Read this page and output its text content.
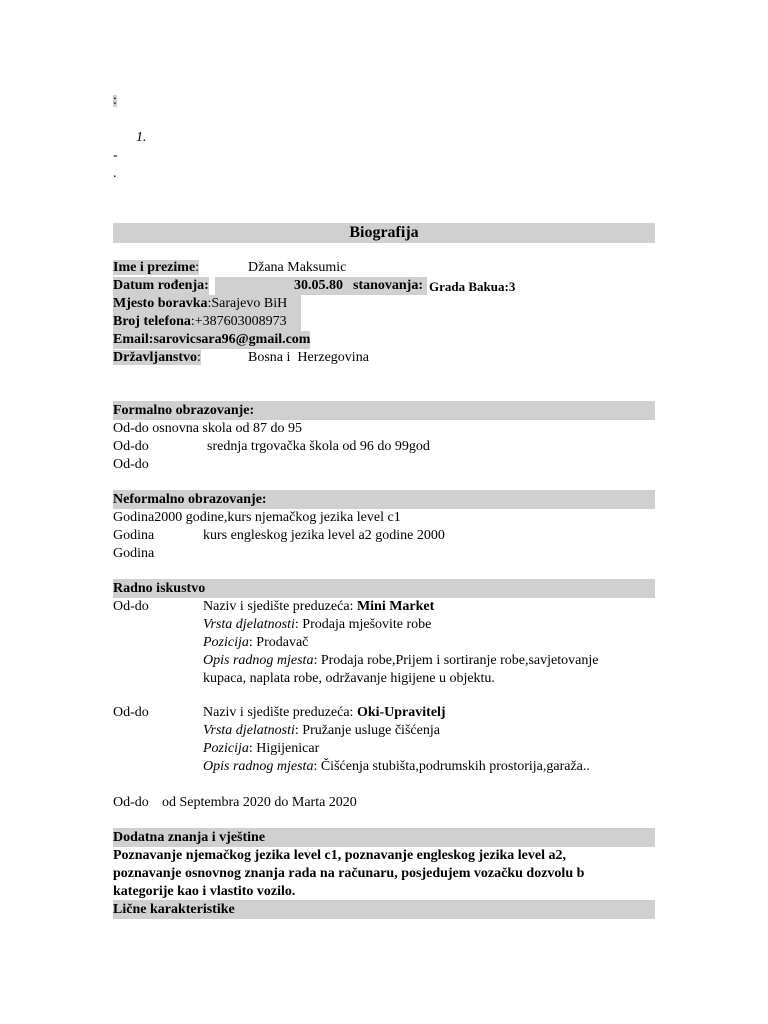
:
1.
-
.
Biografija
Ime i prezime:	Džana Maksumic
Datum rođenja:	30.05.80 stanovanja: Grada Bakua:3
Mjesto boravka:Sarajevo BiH
Broj telefona:+387603008973
Email:sarovicsara96@gmail.com
Državljanstvo:	Bosna i  Herzegovina
Formalno obrazovanje:
Od-do osnovna skola od 87 do 95
Od-do	srednja trgovačka škola od 96 do 99god
Od-do
Neformalno obrazovanje:
Godina2000 godine,kurs njemačkog jezika level c1
Godina	kurs engleskog jezika level a2 godine 2000
Godina
Radno iskustvo
Od-do	Naziv i sjedište preduzeća: Mini Market
Vrsta djelatnosti: Prodaja mješovite robe
Pozicija: Prodavač
Opis radnog mjesta: Prodaja robe,Prijem i sortiranje robe,savjetovanje
kupaca, naplata robe, održavanje higijene u objektu.
Od-do	Naziv i sjedište preduzeća: Oki-Upravitelj
Vrsta djelatnosti: Pružanje usluge čišćenja
Pozicija: Higijenicar
Opis radnog mjesta: Čišćenja stubišta,podrumskih prostorija,garaža..
Od-do od Septembra 2020 do Marta 2020
Dodatna znanja i vještine
Poznavanje njemačkog jezika level c1, poznavanje engleskog jezika level a2,
poznavanje osnovnog znanja rada na računaru, posjedujem vozačku dozvolu b
kategorije kao i vlastito vozilo.
Lične karakteristike
